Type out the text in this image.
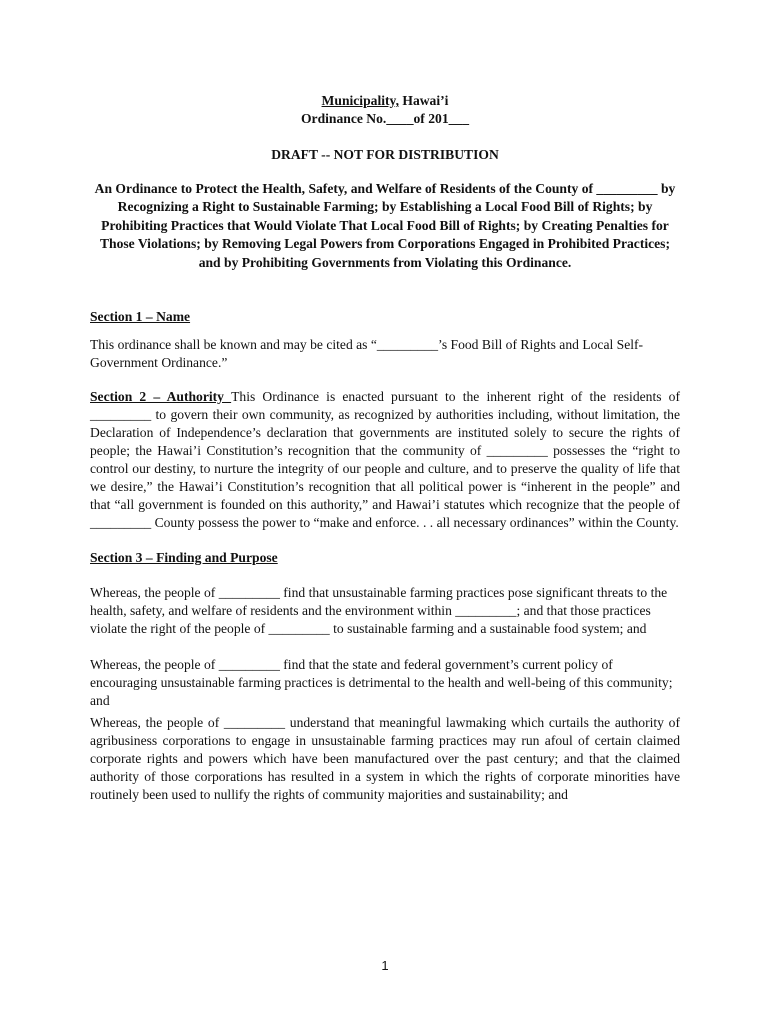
Municipality, Hawai’i
Ordinance No.____of 201___
DRAFT -- NOT FOR DISTRIBUTION
An Ordinance to Protect the Health, Safety, and Welfare of Residents of the County of _________ by Recognizing a Right to Sustainable Farming; by Establishing a Local Food Bill of Rights; by Prohibiting Practices that Would Violate That Local Food Bill of Rights; by Creating Penalties for Those Violations; by Removing Legal Powers from Corporations Engaged in Prohibited Practices; and by Prohibiting Governments from Violating this Ordinance.
Section 1 – Name

This ordinance shall be known and may be cited as “_________’s Food Bill of Rights and Local Self-Government Ordinance.”

Section 2 – Authority This Ordinance is enacted pursuant to the inherent right of the residents of _________ to govern their own community, as recognized by authorities including, without limitation, the Declaration of Independence’s declaration that governments are instituted solely to secure the rights of people; the Hawai’i Constitution’s recognition that the community of _________ possesses the “right to control our destiny, to nurture the integrity of our people and culture, and to preserve the quality of life that we desire,” the Hawai’i Constitution’s recognition that all political power is “inherent in the people” and that “all government is founded on this authority,” and Hawai’i statutes which recognize that the people of _________ County possess the power to “make and enforce. . . all necessary ordinances” within the County.

Section 3 – Finding and Purpose

Whereas, the people of _________ find that unsustainable farming practices pose significant threats to the health, safety, and welfare of residents and the environment within _________; and that those practices violate the right of the people of _________ to sustainable farming and a sustainable food system; and

Whereas, the people of _________ find that the state and federal government’s current policy of encouraging unsustainable farming practices is detrimental to the health and well-being of this community; and

Whereas, the people of _________ understand that meaningful lawmaking which curtails the authority of agribusiness corporations to engage in unsustainable farming practices may run afoul of certain claimed corporate rights and powers which have been manufactured over the past century; and that the claimed authority of those corporations has resulted in a system in which the rights of corporate minorities have routinely been used to nullify the rights of community majorities and sustainability; and

1
